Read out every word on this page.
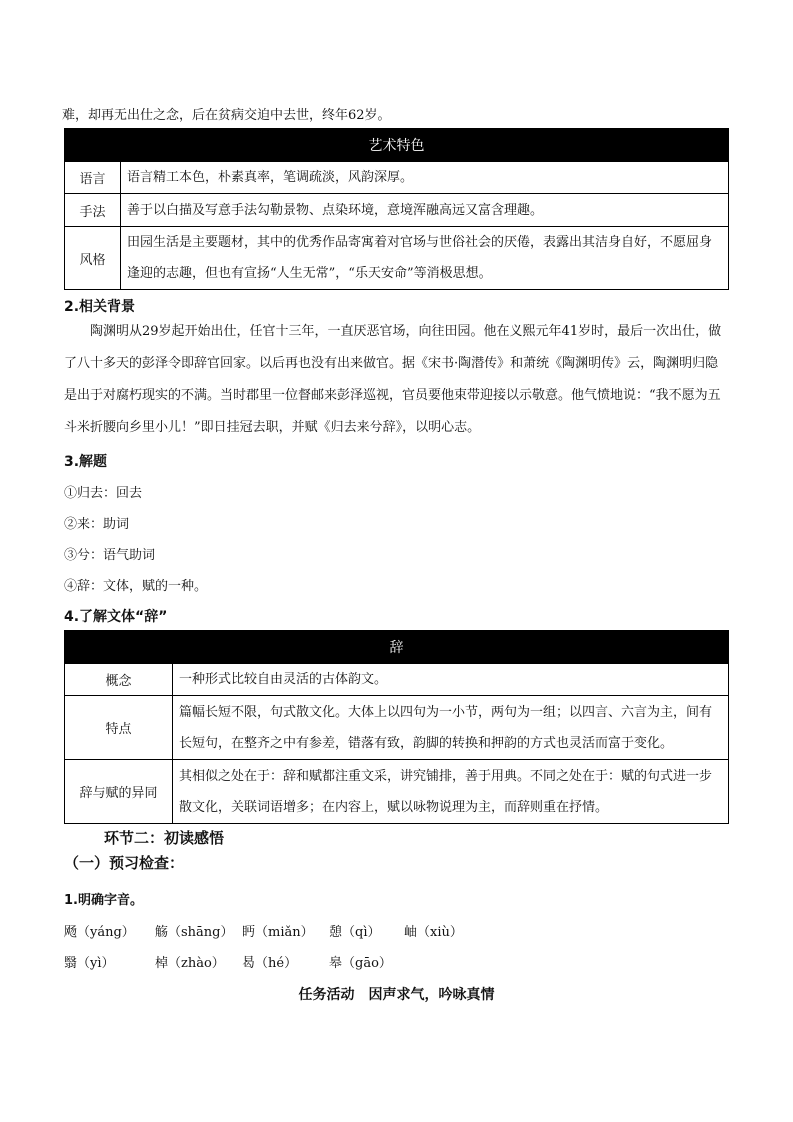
难，却再无出仕之念，后在贫病交迫中去世，终年62岁。
艺术特色	
语言	语言精工本色，朴素真率，笔调疏淡，风韵深厚。
手法	善于以白描及写意手法勾勒景物、点染环境，意境浑融高远又富含理趣。
风格	田园生活是主要题材，其中的优秀作品寄寓着对官场与世俗社会的厌倦，表露出其洁身自好，不愿屈身逢迎的志趣，但也有宣扬“人生无常”，“乐天安命”等消极思想。
2.相关背景
陶渊明从29岁起开始出仕，任官十三年，一直厌恶官场，向往田园。他在义熙元年41岁时，最后一次出仕，做了八十多天的彭泽令即辞官回家。以后再也没有出来做官。据《宋书·陶潜传》和萧统《陶渊明传》云，陶渊明归隐是出于对腐朽现实的不满。当时郡里一位督邮来彭泽巡视，官员要他束带迎接以示敬意。他气愤地说：“我不愿为五斗米折腰向乡里小儿！”即日挂冠去职，并赋《归去来兮辞》，以明心志。
3.解题
①归去：回去
②来：助词
③兮：语气助词
④辞：文体，赋的一种。
4.了解文体“辞”
辞	
概念	一种形式比较自由灵活的古体韵文。
特点	篇幅长短不限，句式散文化。大体上以四句为一小节，两句为一组；以四言、六言为主，间有长短句，在整齐之中有参差，错落有致，韵脚的转换和押韵的方式也灵活而富于变化。
辞与赋的异同	其相似之处在于：辞和赋都注重文采，讲究铺排，善于用典。不同之处在于：赋的句式进一步散文化，关联词语增多；在内容上，赋以咏物说理为主，而辞则重在抒情。
环节二：初读感悟
（一）预习检查：
1.明确字音。
飏（yáng） 觞（shāng） 眄（miǎn） 憩（qì） 岫（xiù）
翳（yì）	棹（zhào） 曷（hé） 皋（gāo）
任务活动　因声求气，吟咏真情
